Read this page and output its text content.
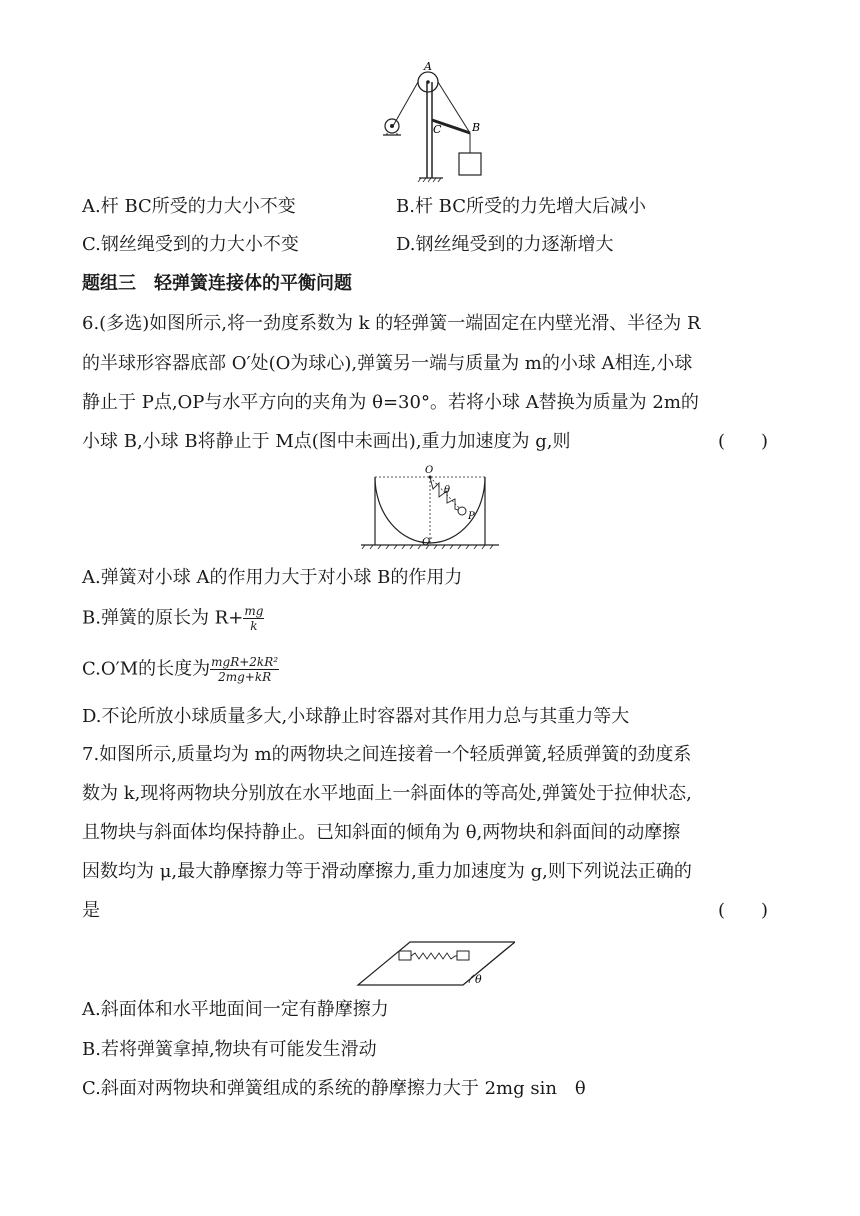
A
C	B
A.杆 BC所受的力大小不变	B.杆 BC所受的力先增大后减小
C.钢丝绳受到的力大小不变	D.钢丝绳受到的力逐渐增大
题组三　轻弹簧连接体的平衡问题
6.(多选)如图所示,将一劲度系数为 k 的轻弹簧一端固定在内壁光滑、半径为 R
的半球形容器底部 O′处(O为球心),弹簧另一端与质量为 m的小球 A相连,小球
静止于 P点,OP与水平方向的夹角为 θ=30°。若将小球 A替换为质量为 2m的
小球 B,小球 B将静止于 M点(图中未画出),重力加速度为 g,则	(　　)
O
θ
P
O′
A.弹簧对小球 A的作用力大于对小球 B的作用力
B.弹簧的原长为 $R+ \frac{mg}{k}$
C.O′M的长度为 $\frac{\text{mgR+2kR²}}{2mg+kR}$
D.不论所放小球质量多大,小球静止时容器对其作用力总与其重力等大
7.如图所示,质量均为 m的两物块之间连接着一个轻质弹簧,轻质弹簧的劲度系
数为 k,现将两物块分别放在水平地面上一斜面体的等高处,弹簧处于拉伸状态,
且物块与斜面体均保持静止。已知斜面的倾角为 θ,两物块和斜面间的动摩擦
因数均为 μ,最大静摩擦力等于滑动摩擦力,重力加速度为 g,则下列说法正确的
是	(　　)
θ
A.斜面体和水平地面间一定有静摩擦力
B.若将弹簧拿掉,物块有可能发生滑动
C.斜面对两物块和弹簧组成的系统的静摩擦力大于 2mg sin　θ
